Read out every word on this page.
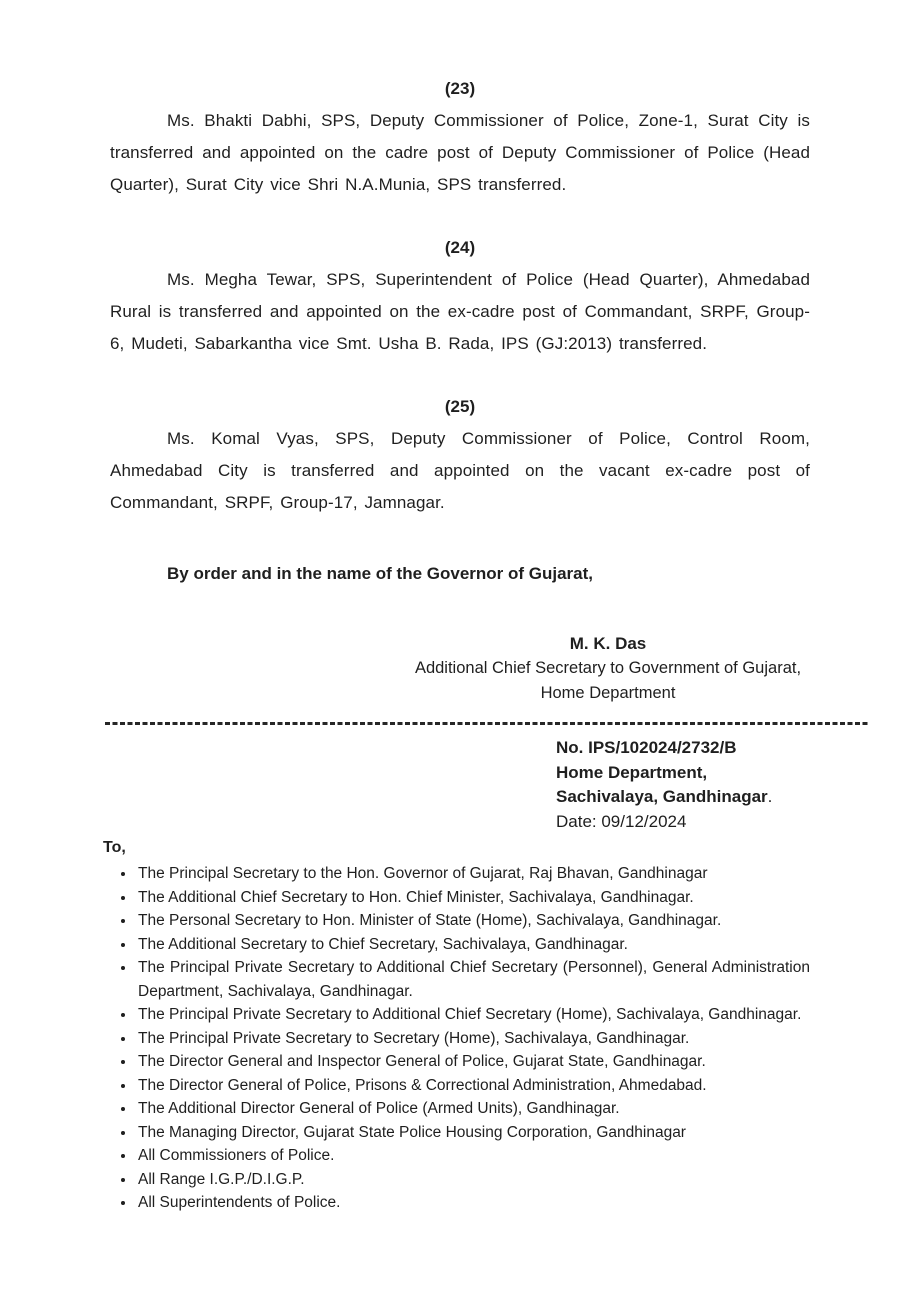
(23)

Ms. Bhakti Dabhi, SPS, Deputy Commissioner of Police, Zone-1, Surat City is transferred and appointed on the cadre post of Deputy Commissioner of Police (Head Quarter), Surat City vice Shri N.A.Munia, SPS transferred.

(24)

Ms. Megha Tewar, SPS, Superintendent of Police (Head Quarter), Ahmedabad Rural is transferred and appointed on the ex-cadre post of Commandant, SRPF, Group-6, Mudeti, Sabarkantha vice Smt. Usha B. Rada, IPS (GJ:2013) transferred.

(25)

Ms. Komal Vyas, SPS, Deputy Commissioner of Police, Control Room, Ahmedabad City is transferred and appointed on the vacant ex-cadre post of Commandant, SRPF, Group-17, Jamnagar.

By order and in the name of the Governor of Gujarat,

M. K. Das
Additional Chief Secretary to Government of Gujarat,
Home Department
No. IPS/102024/2732/B
Home Department,
Sachivalaya, Gandhinagar.
Date: 09/12/2024
To,
• The Principal Secretary to the Hon. Governor of Gujarat, Raj Bhavan, Gandhinagar
• The Additional Chief Secretary to Hon. Chief Minister, Sachivalaya, Gandhinagar.
• The Personal Secretary to Hon. Minister of State (Home), Sachivalaya, Gandhinagar.
• The Additional Secretary to Chief Secretary, Sachivalaya, Gandhinagar.
• The Principal Private Secretary to Additional Chief Secretary (Personnel), General Administration Department, Sachivalaya, Gandhinagar.
• The Principal Private Secretary to Additional Chief Secretary (Home), Sachivalaya, Gandhinagar.
• The Principal Private Secretary to Secretary (Home), Sachivalaya, Gandhinagar.
• The Director General and Inspector General of Police, Gujarat State, Gandhinagar.
• The Director General of Police, Prisons & Correctional Administration, Ahmedabad.
• The Additional Director General of Police (Armed Units), Gandhinagar.
• The Managing Director, Gujarat State Police Housing Corporation, Gandhinagar
• All Commissioners of Police.
• All Range I.G.P./D.I.G.P.
• All Superintendents of Police.
